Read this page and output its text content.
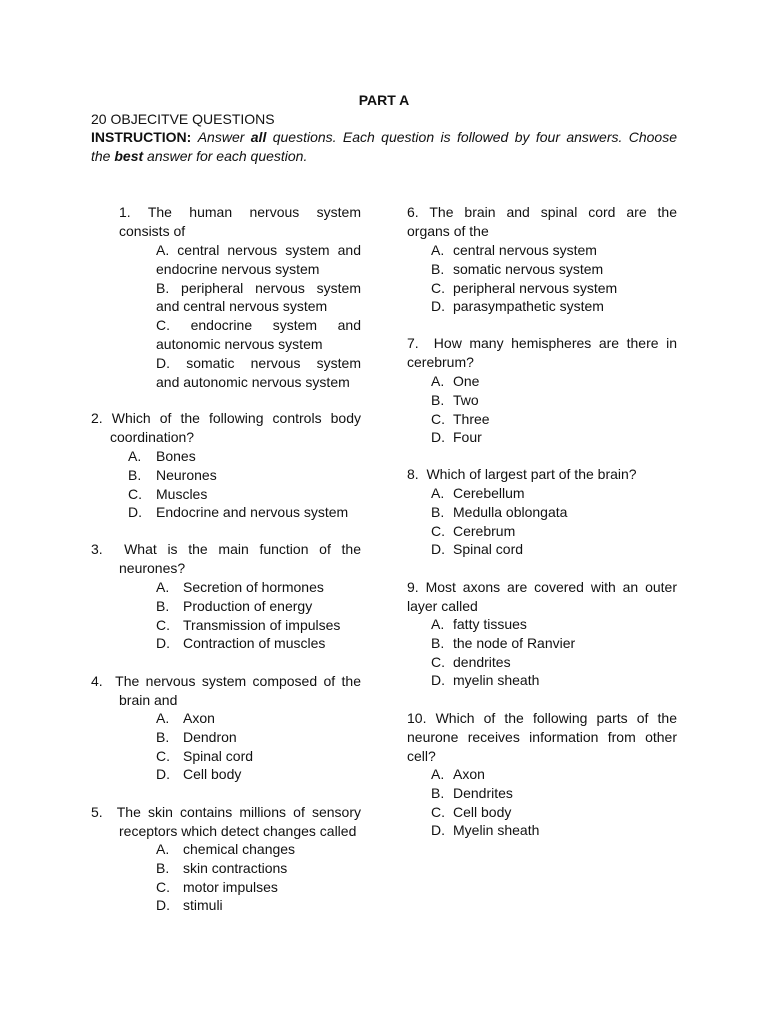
PART A
20 OBJECITVE QUESTIONS
INSTRUCTION: Answer all questions. Each question is followed by four answers. Choose
the best answer for each question.
1. The human nervous system
consists of
A. central nervous system and
endocrine nervous system
B. peripheral nervous system
and central nervous system
C. endocrine system and
autonomic nervous system
D. somatic nervous system
and autonomic nervous system
2. Which of the following controls body
coordination?
A. Bones
B. Neurones
C. Muscles
D. Endocrine and nervous system
3. What is the main function of the
neurones?
A. Secretion of hormones
B. Production of energy
C. Transmission of impulses
D. Contraction of muscles
4. The nervous system composed of the
brain and
A. Axon
B. Dendron
C. Spinal cord
D. Cell body
5. The skin contains millions of sensory
receptors which detect changes called
A. chemical changes
B. skin contractions
C. motor impulses
D. stimuli
6. The brain and spinal cord are the
organs of the
A. central nervous system
B. somatic nervous system
C. peripheral nervous system
D. parasympathetic system
7. How many hemispheres are there in
cerebrum?
A. One
B. Two
C. Three
D. Four
8. Which of largest part of the brain?
A. Cerebellum
B. Medulla oblongata
C. Cerebrum
D. Spinal cord
9. Most axons are covered with an outer
layer called
A. fatty tissues
B. the node of Ranvier
C. dendrites
D. myelin sheath
10. Which of the following parts of the
neurone receives information from other
cell?
A. Axon
B. Dendrites
C. Cell body
D. Myelin sheath
